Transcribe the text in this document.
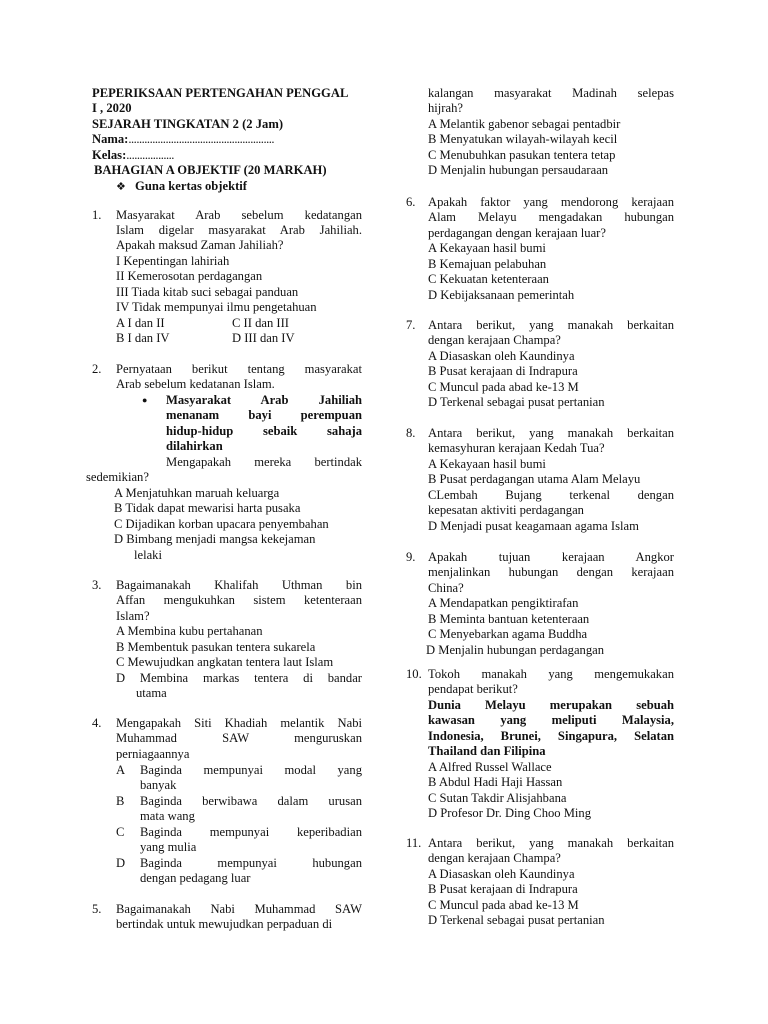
PEPERIKSAAN PERTENGAHAN PENGGAL
I , 2020
SEJARAH TINGKATAN 2 (2 Jam)
Nama:.......................................................
Kelas:..................
BAHAGIAN A OBJEKTIF (20 MARKAH)
❖ Guna kertas objektif
1. Masyarakat Arab sebelum kedatangan
Islam digelar masyarakat Arab Jahiliah.
Apakah maksud Zaman Jahiliah?
I Kepentingan lahiriah
II Kemerosotan perdagangan
III Tiada kitab suci sebagai panduan
IV Tidak mempunyai ilmu pengetahuan
A I dan II	C II dan III
B I dan IV	D III dan IV
2. Pernyataan berikut tentang masyarakat
Arab sebelum kedatanan Islam.
● Masyarakat Arab Jahiliah
menanam bayi perempuan
hidup-hidup sebaik sahaja
dilahirkan
Mengapakah mereka bertindak
sedemikian?
A Menjatuhkan maruah keluarga
B Tidak dapat mewarisi harta pusaka
C Dijadikan korban upacara penyembahan
D Bimbang menjadi mangsa kekejaman
lelaki
3. Bagaimanakah Khalifah Uthman bin
Affan mengukuhkan sistem ketenteraan
Islam?
A Membina kubu pertahanan
B Membentuk pasukan tentera sukarela
C Mewujudkan angkatan tentera laut Islam
D Membina markas tentera di bandar
utama
4. Mengapakah Siti Khadiah melantik Nabi
Muhammad SAW menguruskan
perniagaannya
A Baginda mempunyai modal yang
banyak
B Baginda berwibawa dalam urusan
mata wang
C Baginda mempunyai keperibadian
yang mulia
D Baginda mempunyai hubungan
dengan pedagang luar
5. Bagaimanakah Nabi Muhammad SAW
bertindak untuk mewujudkan perpaduan di
kalangan masyarakat Madinah selepas
hijrah?
A Melantik gabenor sebagai pentadbir
B Menyatukan wilayah-wilayah kecil
C Menubuhkan pasukan tentera tetap
D Menjalin hubungan persaudaraan
6. Apakah faktor yang mendorong kerajaan
Alam Melayu mengadakan hubungan
perdagangan dengan kerajaan luar?
A Kekayaan hasil bumi
B Kemajuan pelabuhan
C Kekuatan ketenteraan
D Kebijaksanaan pemerintah
7. Antara berikut, yang manakah berkaitan
dengan kerajaan Champa?
A Diasaskan oleh Kaundinya
B Pusat kerajaan di Indrapura
C Muncul pada abad ke-13 M
D Terkenal sebagai pusat pertanian
8. Antara berikut, yang manakah berkaitan
kemasyhuran kerajaan Kedah Tua?
A Kekayaan hasil bumi
B Pusat perdagangan utama Alam Melayu
CLembah Bujang terkenal dengan
kepesatan aktiviti perdagangan
D Menjadi pusat keagamaan agama Islam
9. Apakah tujuan kerajaan Angkor
menjalinkan hubungan dengan kerajaan
China?
A Mendapatkan pengiktirafan
B Meminta bantuan ketenteraan
C Menyebarkan agama Buddha
D Menjalin hubungan perdagangan
10. Tokoh manakah yang mengemukakan
pendapat berikut?
Dunia Melayu merupakan sebuah
kawasan yang meliputi Malaysia,
Indonesia, Brunei, Singapura, Selatan
Thailand dan Filipina
A Alfred Russel Wallace
B Abdul Hadi Haji Hassan
C Sutan Takdir Alisjahbana
D Profesor Dr. Ding Choo Ming
11. Antara berikut, yang manakah berkaitan
dengan kerajaan Champa?
A Diasaskan oleh Kaundinya
B Pusat kerajaan di Indrapura
C Muncul pada abad ke-13 M
D Terkenal sebagai pusat pertanian
